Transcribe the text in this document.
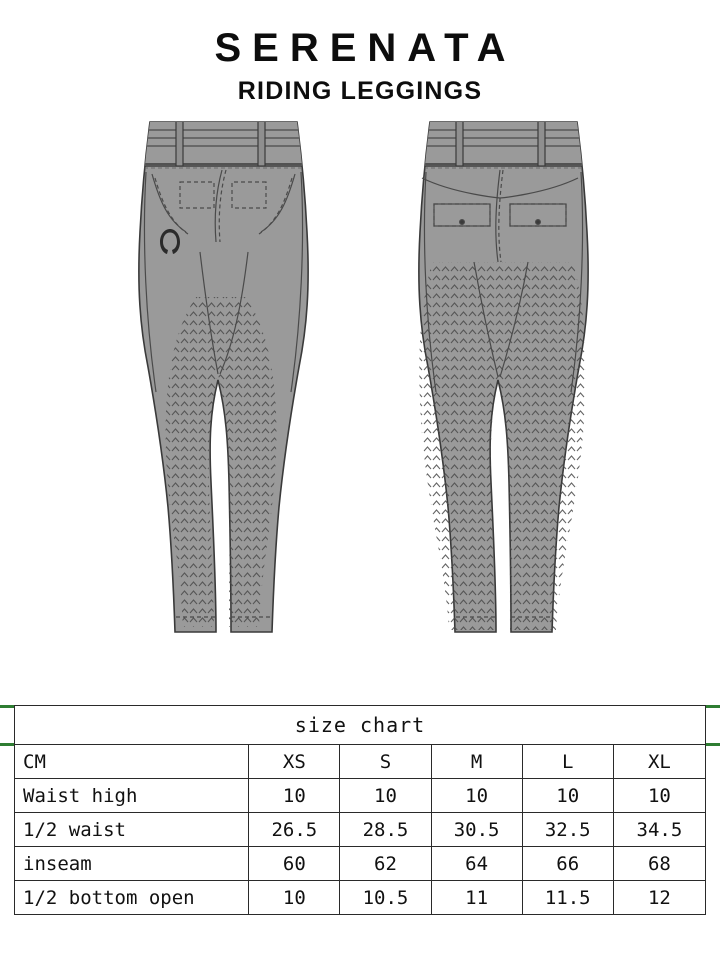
SERENATA
RIDING LEGGINGS
size chart					
CM	XS	S	M	L	XL
Waist high	10	10	10	10	10
1/2 waist	26.5	28.5	30.5	32.5	34.5
inseam	60	62	64	66	68
1/2 bottom open	10	10.5	11	11.5	12
